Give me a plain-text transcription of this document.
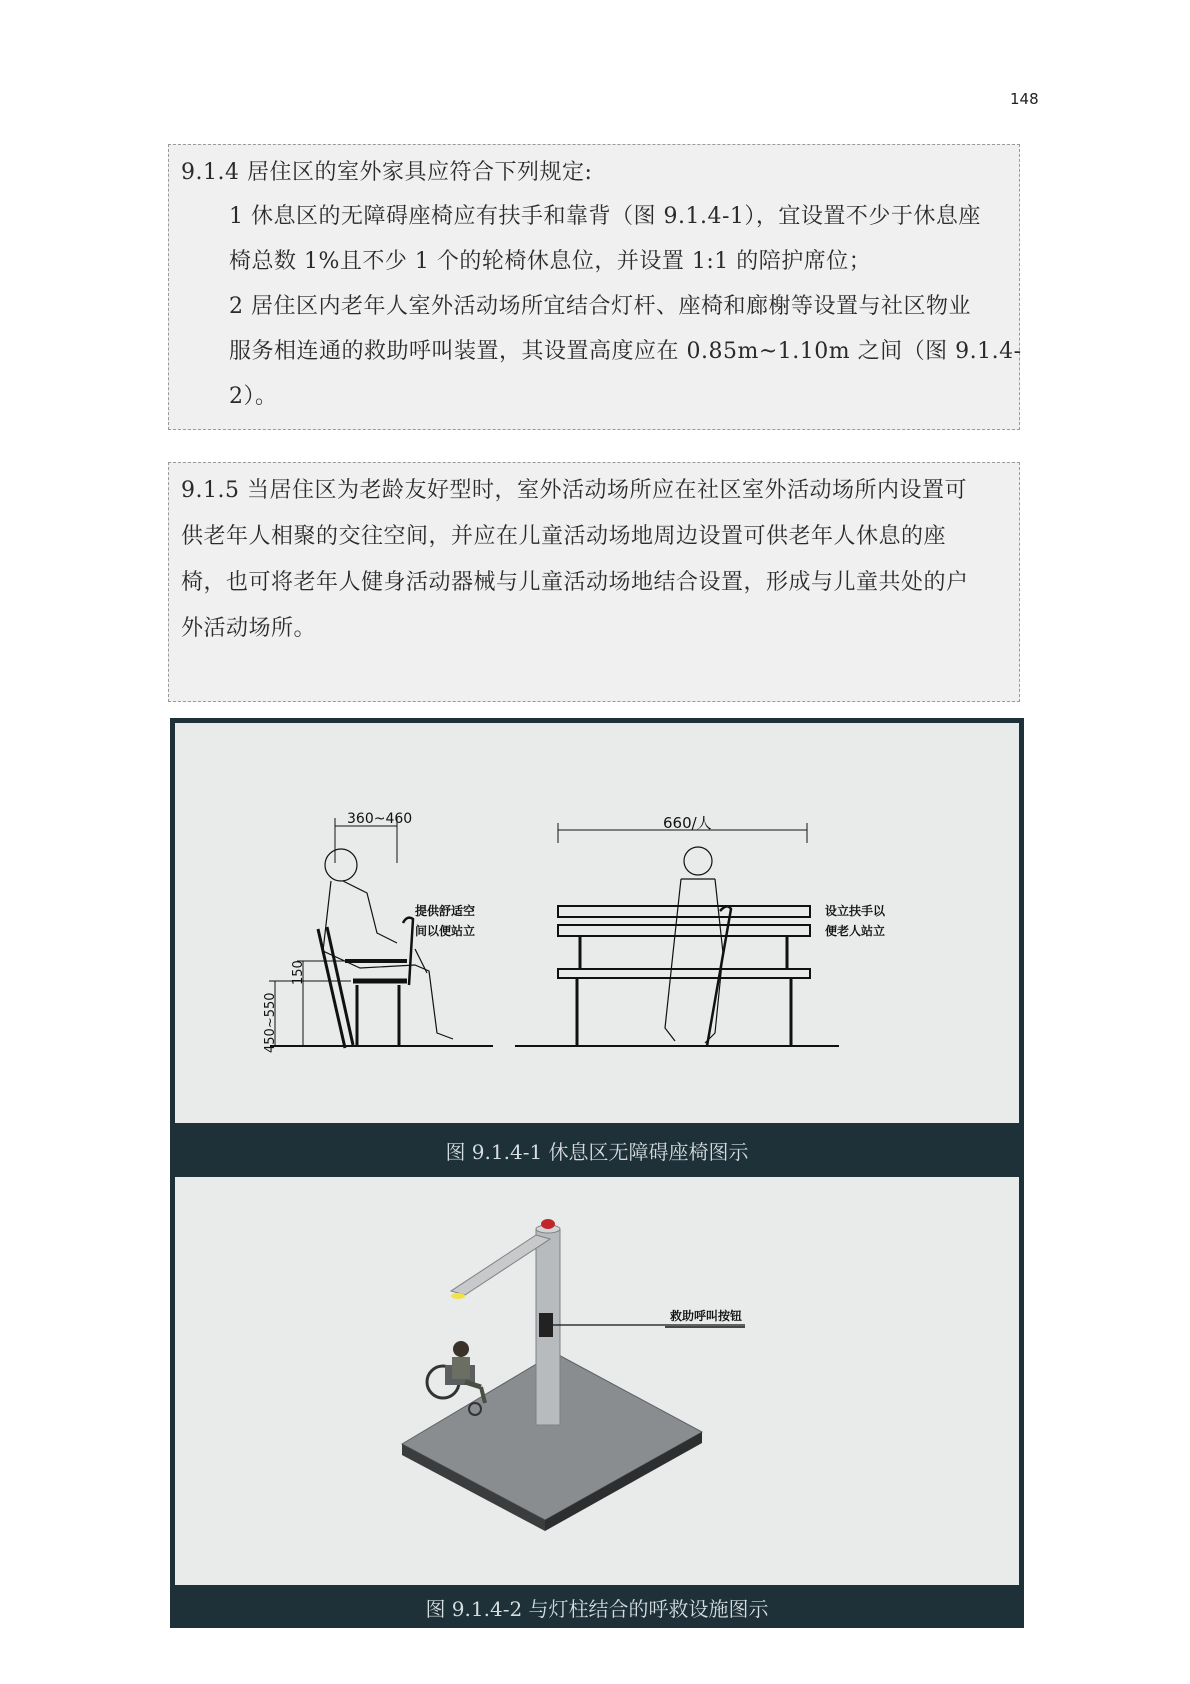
148
9.1.4 居住区的室外家具应符合下列规定:
1 休息区的无障碍座椅应有扶手和靠背（图 9.1.4-1），宜设置不少于休息座
椅总数 1%且不少 1 个的轮椅休息位，并设置 1:1 的陪护席位；
2 居住区内老年人室外活动场所宜结合灯杆、座椅和廊榭等设置与社区物业
服务相连通的救助呼叫装置，其设置高度应在 0.85m~1.10m 之间（图 9.1.4-
2）。
9.1.5 当居住区为老龄友好型时，室外活动场所应在社区室外活动场所内设置可
供老年人相聚的交往空间，并应在儿童活动场地周边设置可供老年人休息的座
椅，也可将老年人健身活动器械与儿童活动场地结合设置，形成与儿童共处的户
外活动场所。
360~460	660/人
150
450~550
提供舒适空
间以便站立
设立扶手以
便老人站立
图 9.1.4-1 休息区无障碍座椅图示
救助呼叫按钮
图 9.1.4-2 与灯柱结合的呼救设施图示
